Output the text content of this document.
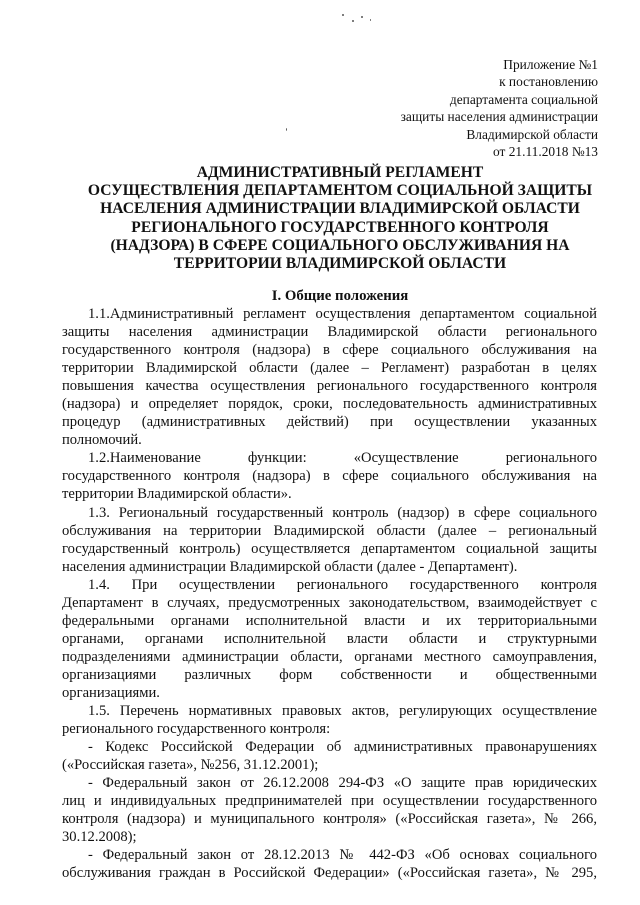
Приложение №1
к постановлению
департамента социальной
защиты населения администрации
Владимирской области
от 21.11.2018 №13
АДМИНИСТРАТИВНЫЙ РЕГЛАМЕНТ
ОСУЩЕСТВЛЕНИЯ ДЕПАРТАМЕНТОМ СОЦИАЛЬНОЙ ЗАЩИТЫ
НАСЕЛЕНИЯ АДМИНИСТРАЦИИ ВЛАДИМИРСКОЙ ОБЛАСТИ
РЕГИОНАЛЬНОГО ГОСУДАРСТВЕННОГО КОНТРОЛЯ
(НАДЗОРА) В СФЕРЕ СОЦИАЛЬНОГО ОБСЛУЖИВАНИЯ НА
ТЕРРИТОРИИ ВЛАДИМИРСКОЙ ОБЛАСТИ
I. Общие положения
1.1.Административный регламент осуществления департаментом социальной
защиты населения администрации Владимирской области регионального
государственного контроля (надзора) в сфере социального обслуживания на
территории Владимирской области (далее – Регламент) разработан в целях
повышения качества осуществления регионального государственного контроля
(надзора) и определяет порядок, сроки, последовательность административных
процедур (административных действий) при осуществлении указанных
полномочий.
1.2.Наименование функции: «Осуществление регионального
государственного контроля (надзора) в сфере социального обслуживания на
территории Владимирской области».
1.3. Региональный государственный контроль (надзор) в сфере социального
обслуживания на территории Владимирской области (далее – региональный
государственный контроль) осуществляется департаментом социальной защиты
населения администрации Владимирской области (далее - Департамент).
1.4. При осуществлении регионального государственного контроля
Департамент в случаях, предусмотренных законодательством, взаимодействует с
федеральными органами исполнительной власти и их территориальными
органами, органами исполнительной власти области и структурными
подразделениями администрации области, органами местного самоуправления,
организациями различных форм собственности и общественными
организациями.
1.5. Перечень нормативных правовых актов, регулирующих осуществление
регионального государственного контроля:
- Кодекс Российской Федерации об административных правонарушениях
(«Российская газета», №256, 31.12.2001);
- Федеральный закон от 26.12.2008 294-ФЗ «О защите прав юридических
лиц и индивидуальных предпринимателей при осуществлении государственного
контроля (надзора) и муниципального контроля» («Российская газета», № 266,
30.12.2008);
- Федеральный закон от 28.12.2013 № 442-ФЗ «Об основах социального
обслуживания граждан в Российской Федерации» («Российская газета», № 295,
